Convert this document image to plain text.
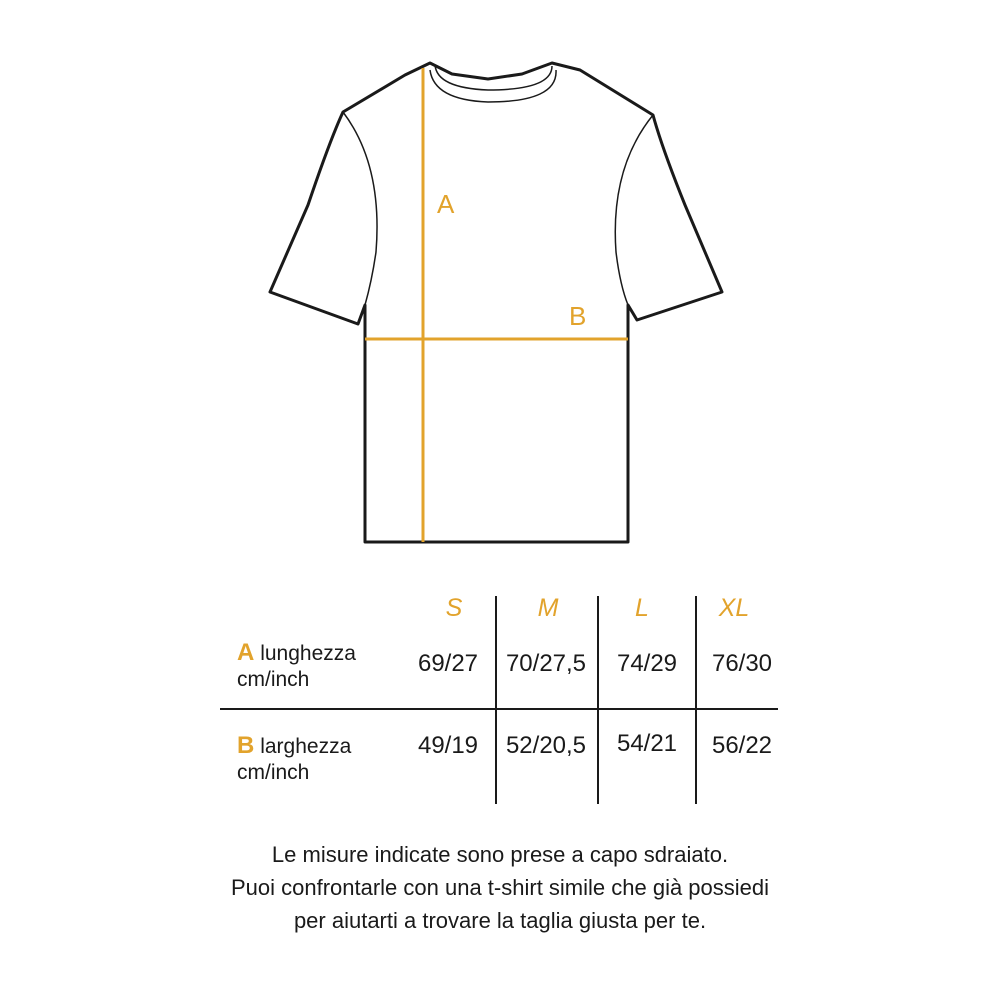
A
B
S	M	L	XL
A lunghezza
cm/inch
69/27	70/27,5	74/29	76/30
B larghezza
cm/inch
49/19	52/20,5	54/21	56/22
Le misure indicate sono prese a capo sdraiato.
Puoi confrontarle con una t-shirt simile che già possiedi
per aiutarti a trovare la taglia giusta per te.
